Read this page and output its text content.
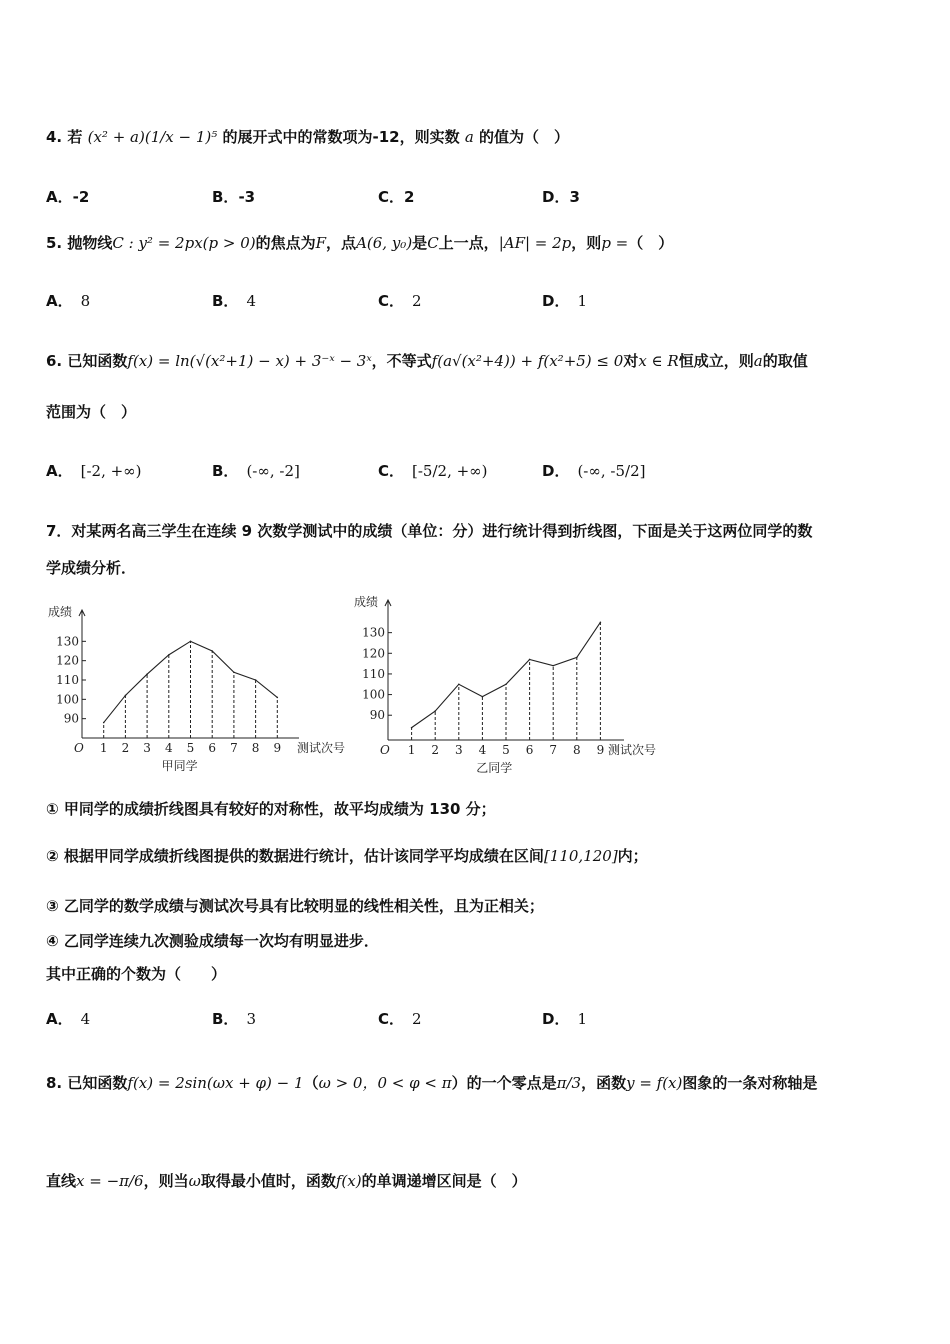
4. 若 (x² + a)(1/x − 1)⁵ 的展开式中的常数项为-12，则实数 a 的值为（　）
A．-2	B．-3	C．2	D．3
5. 抛物线C : y² = 2px(p > 0)的焦点为F，点A(6, y₀)是C上一点，|AF| = 2p，则p =（　）
A． 8	B． 4	C． 2	D． 1
6. 已知函数f(x) = ln(√(x²+1) − x) + 3⁻ˣ − 3ˣ，不等式f(a√(x²+4)) + f(x²+5) ≤ 0对x ∈ R恒成立，则a的取值
范围为（　）
A． [-2, +∞)	B． (-∞, -2]	C． [-5/2, +∞)	D． (-∞, -5/2]
7．对某两名高三学生在连续 9 次数学测试中的成绩（单位：分）进行统计得到折线图，下面是关于这两位同学的数
学成绩分析．
成绩
O	测试次号
甲同学
90
100
110
120
130
1 2 3 4 5 6 7 8 9
成绩
O	测试次号
乙同学
90
100
110
120
130
1 2 3 4 5 6 7 8 9
① 甲同学的成绩折线图具有较好的对称性，故平均成绩为 130 分；
② 根据甲同学成绩折线图提供的数据进行统计，估计该同学平均成绩在区间[110,120]内；
③ 乙同学的数学成绩与测试次号具有比较明显的线性相关性，且为正相关；
④ 乙同学连续九次测验成绩每一次均有明显进步．
其中正确的个数为（　　）
A． 4	B． 3	C． 2	D． 1
8. 已知函数f(x) = 2sin(ωx + φ) − 1（ω > 0，0 < φ < π）的一个零点是π/3，函数y = f(x)图象的一条对称轴是
直线x = −π/6，则当ω取得最小值时，函数f(x)的单调递增区间是（　）
